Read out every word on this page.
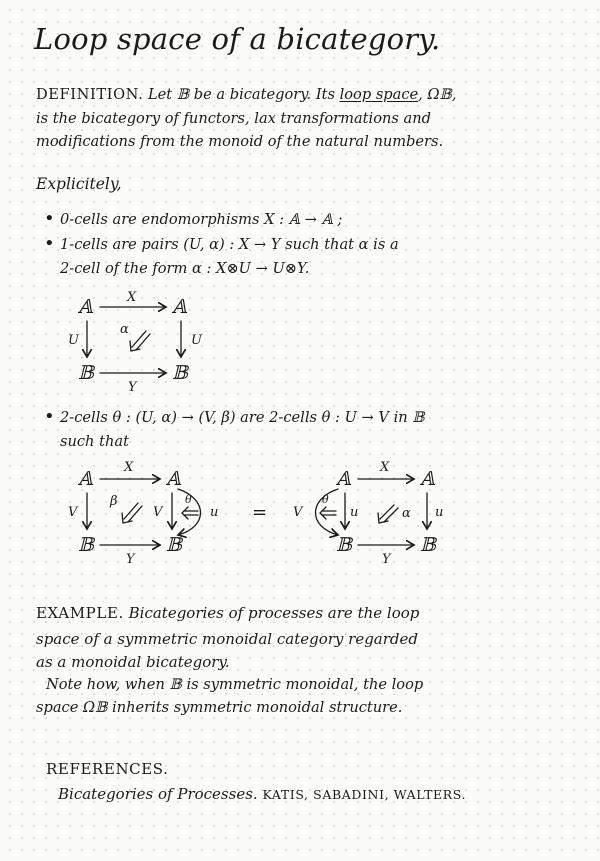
Loop space of a bicategory.
DEFINITION. Let 𝔹 be a bicategory. Its loop space, Ω𝔹,
is the bicategory of functors, lax transformations and
modifications from the monoid of the natural numbers.
Explicitely,
• 0-cells are endomorphisms X : 𝔸 → 𝔸 ;
• 1-cells are pairs (U, α) : X → Y such that α is a
2-cell of the form α : X⊗U → U⊗Y.
𝔸	𝔸
𝔹	𝔹
X
Y
U	U
α
• 2-cells θ : (U, α) → (V, β) are 2-cells θ : U → V in 𝔹
such that
𝔸	𝔸
𝔹	𝔹
X
Y
V	V	u
β	θ
=
𝔸	𝔸
𝔹	𝔹
X
Y
V	u	u
α
θ
EXAMPLE. Bicategories of processes are the loop
space of a symmetric monoidal category regarded
as a monoidal bicategory.
Note how, when 𝔹 is symmetric monoidal, the loop
space Ω𝔹 inherits symmetric monoidal structure.
REFERENCES.
Bicategories of Processes. KATIS, SABADINI, WALTERS.
